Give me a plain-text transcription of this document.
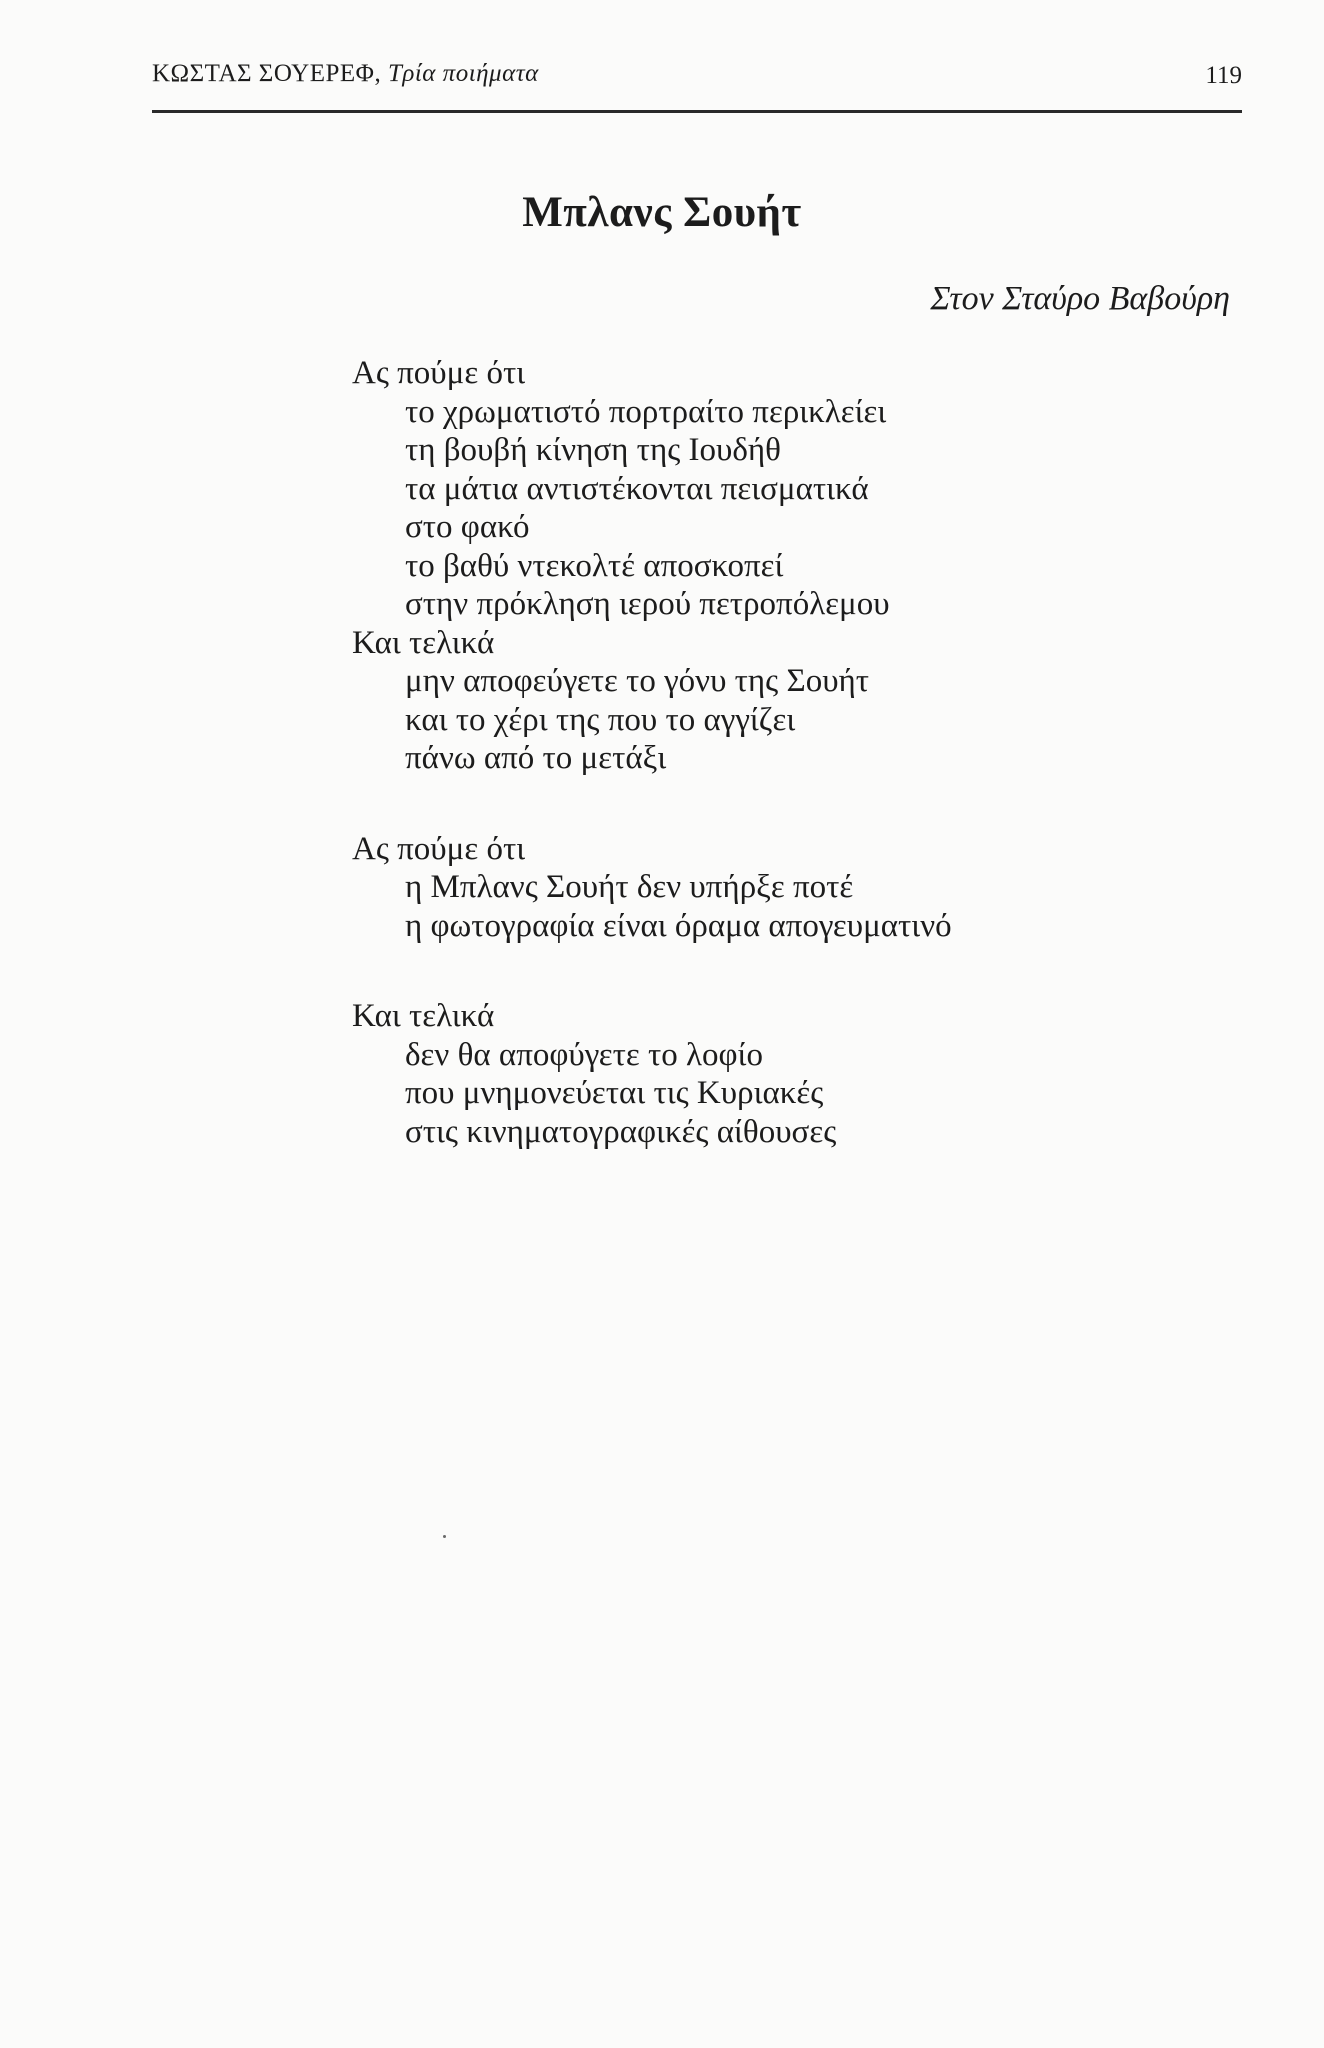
ΚΩΣΤΑΣ ΣΟΥΕΡΕΦ, Τρία ποιήματα	119
Μπλανς Σουήτ
Στον Σταύρο Βαβούρη
Ας πούμε ότι
το χρωματιστό πορτραίτο περικλείει
τη βουβή κίνηση της Ιουδήθ
τα μάτια αντιστέκονται πεισματικά
στο φακό
το βαθύ ντεκολτέ αποσκοπεί
στην πρόκληση ιερού πετροπόλεμου
Και τελικά
μην αποφεύγετε το γόνυ της Σουήτ
και το χέρι της που το αγγίζει
πάνω από το μετάξι
Ας πούμε ότι
η Μπλανς Σουήτ δεν υπήρξε ποτέ
η φωτογραφία είναι όραμα απογευματινό
Και τελικά
δεν θα αποφύγετε το λοφίο
που μνημονεύεται τις Κυριακές
στις κινηματογραφικές αίθουσες
